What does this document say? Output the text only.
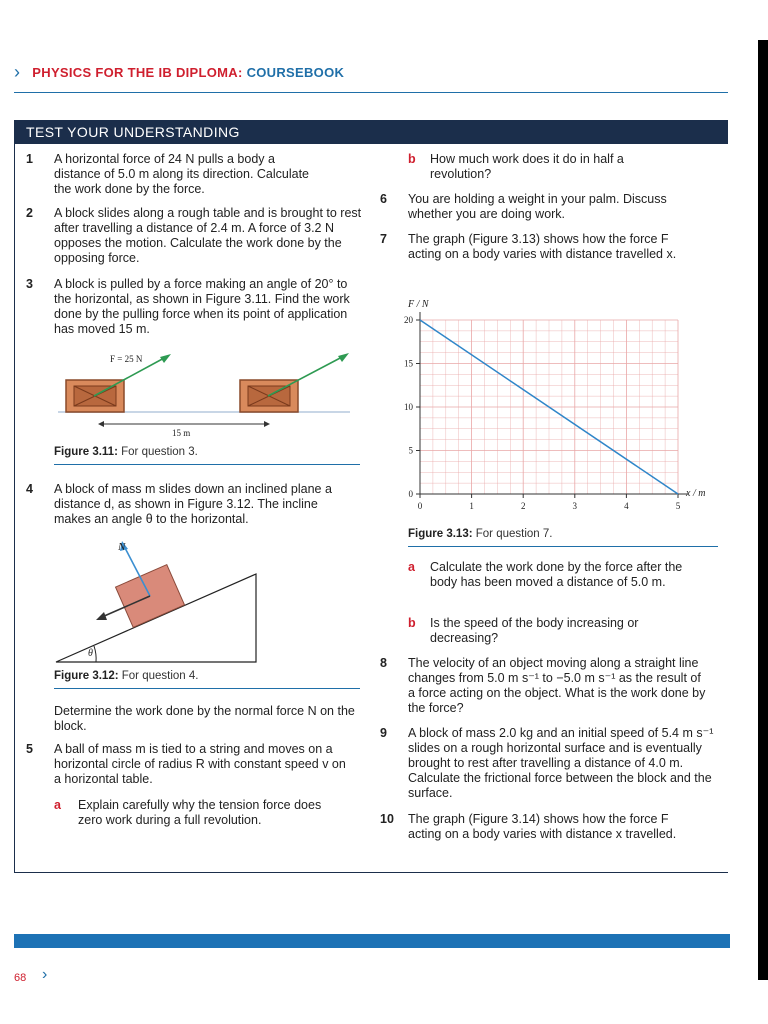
› PHYSICS FOR THE IB DIPLOMA: COURSEBOOK
TEST YOUR UNDERSTANDING
1 A horizontal force of 24 N pulls a body a distance of 5.0 m along its direction. Calculate the work done by the force.

2 A block slides along a rough table and is brought to rest after travelling a distance of 2.4 m. A force of 3.2 N opposes the motion. Calculate the work done by the opposing force.

3 A block is pulled by a force making an angle of 20° to the horizontal, as shown in Figure 3.11. Find the work done by the pulling force when its point of application has moved 15 m.

F = 25 N
15 m
Figure 3.11: For question 3.
4 A block of mass m slides down an inclined plane a distance d, as shown in Figure 3.12. The incline makes an angle θ to the horizontal.

N
θ
Figure 3.12: For question 4.

Determine the work done by the normal force N on the block.

5 A ball of mass m is tied to a string and moves on a horizontal circle of radius R with constant speed v on a horizontal table.

a Explain carefully why the tension force does zero work during a full revolution.

b How much work does it do in half a revolution?

6 You are holding a weight in your palm. Discuss whether you are doing work.

7 The graph (Figure 3.13) shows how the force F acting on a body varies with distance travelled x.

0	1	2	3	4	5
0
5
10
15
20
F / N
x / m
Figure 3.13: For question 7.
a Calculate the work done by the force after the body has been moved a distance of 5.0 m.

b Is the speed of the body increasing or decreasing?

8 The velocity of an object moving along a straight line changes from 5.0 m s⁻¹ to −5.0 m s⁻¹ as the result of a force acting on the object. What is the work done by the force?

9 A block of mass 2.0 kg and an initial speed of 5.4 m s⁻¹ slides on a rough horizontal surface and is eventually brought to rest after travelling a distance of 4.0 m. Calculate the frictional force between the block and the surface.

10 The graph (Figure 3.14) shows how the force F acting on a body varies with distance x travelled.

68 ›
